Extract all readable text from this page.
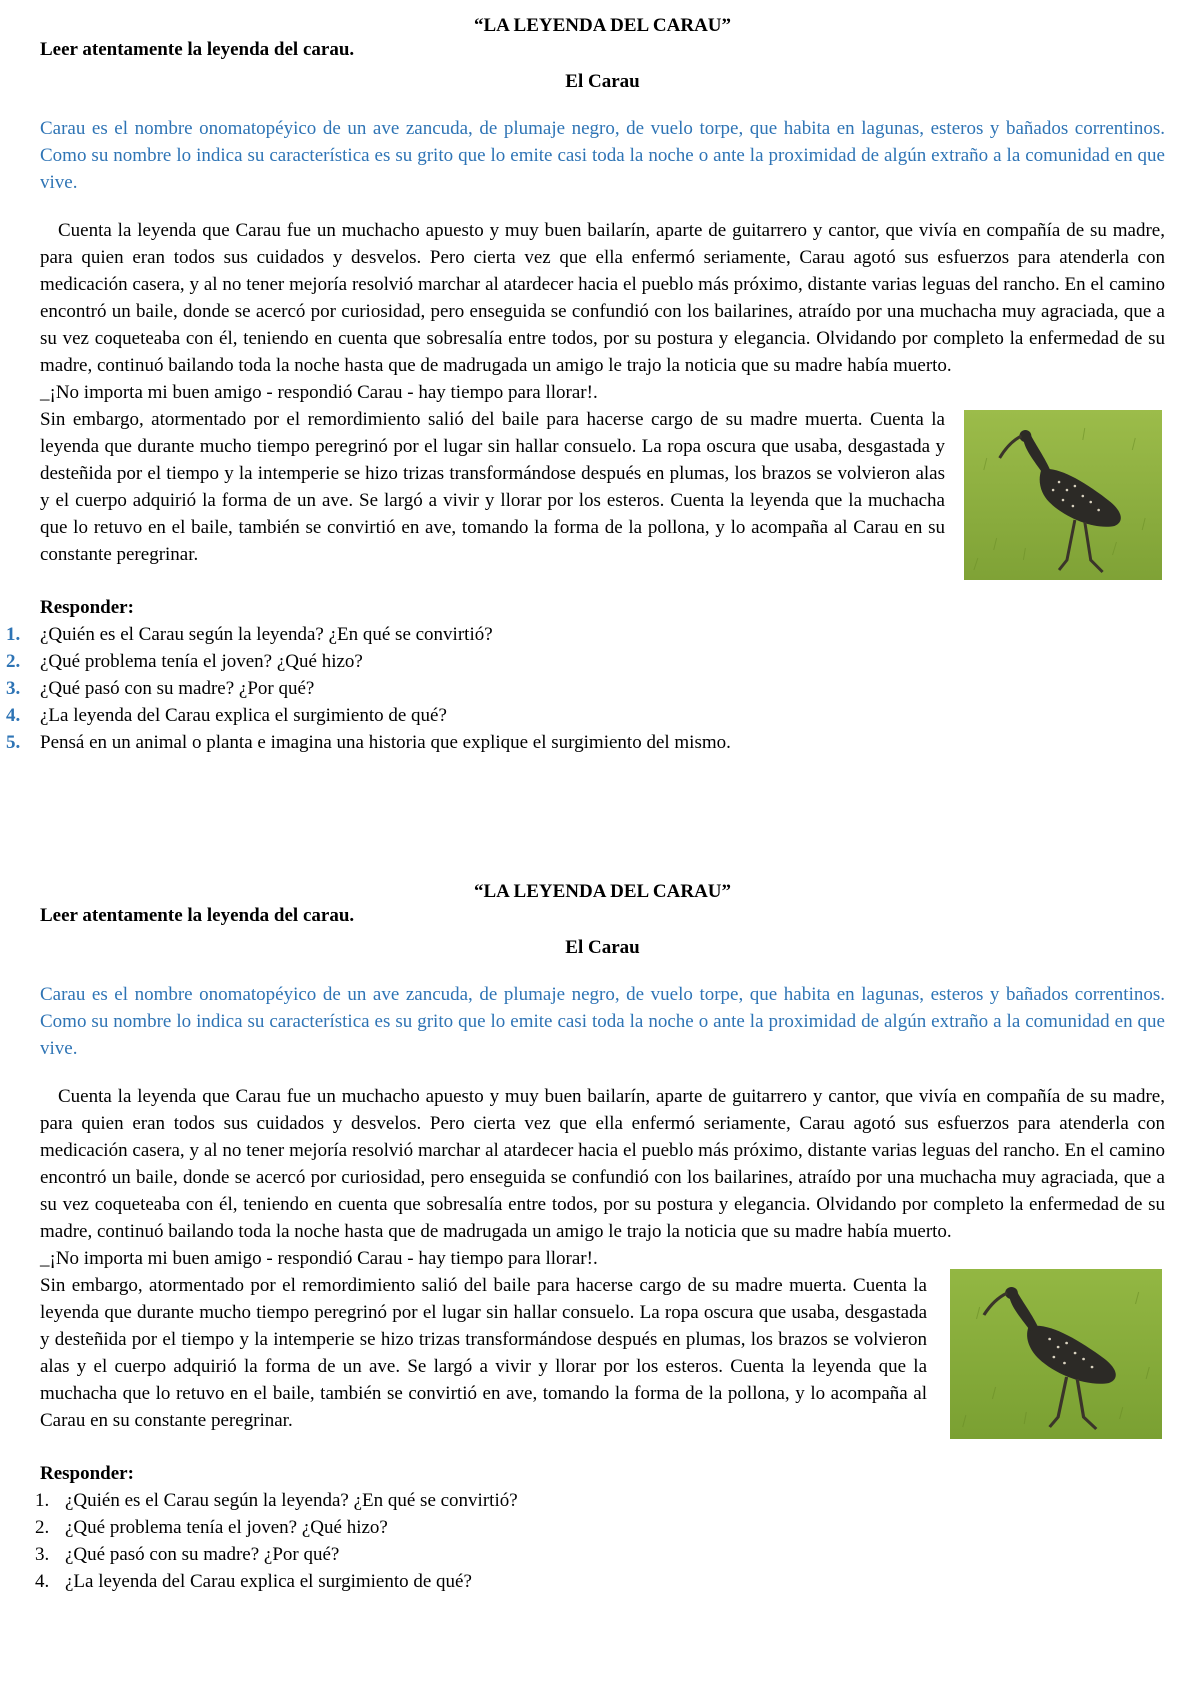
“LA LEYENDA DEL CARAU”

Leer atentamente la leyenda del carau.

El Carau

Carau es el nombre onomatopéyico de un ave zancuda, de plumaje negro, de vuelo torpe, que habita en lagunas, esteros y bañados correntinos. Como su nombre lo indica su característica es su grito que lo emite casi toda la noche o ante la proximidad de algún extraño a la comunidad en que vive.

Cuenta la leyenda que Carau fue un muchacho apuesto y muy buen bailarín, aparte de guitarrero y cantor, que vivía en compañía de su madre, para quien eran todos sus cuidados y desvelos. Pero cierta vez que ella enfermó seriamente, Carau agotó sus esfuerzos para atenderla con medicación casera, y al no tener mejoría resolvió marchar al atardecer hacia el pueblo más próximo, distante varias leguas del rancho. En el camino encontró un baile, donde se acercó por curiosidad, pero enseguida se confundió con los bailarines, atraído por una muchacha muy agraciada, que a su vez coqueteaba con él, teniendo en cuenta que sobresalía entre todos, por su postura y elegancia. Olvidando por completo la enfermedad de su madre, continuó bailando toda la noche hasta que de madrugada un amigo le trajo la noticia que su madre había muerto.

_¡No importa mi buen amigo - respondió Carau - hay tiempo para llorar!.

Sin embargo, atormentado por el remordimiento salió del baile para hacerse cargo de su madre muerta. Cuenta la leyenda que durante mucho tiempo peregrinó por el lugar sin hallar consuelo. La ropa oscura que usaba, desgastada y desteñida por el tiempo y la intemperie se hizo trizas transformándose después en plumas, los brazos se volvieron alas y el cuerpo adquirió la forma de un ave. Se largó a vivir y llorar por los esteros. Cuenta la leyenda que la muchacha que lo retuvo en el baile, también se convirtió en ave, tomando la forma de la pollona, y lo acompaña al Carau en su constante peregrinar.

Responder:

1.	¿Quién es el Carau según la leyenda? ¿En qué se convirtió?
2.	¿Qué problema tenía el joven? ¿Qué hizo?
3.	¿Qué pasó con su madre? ¿Por qué?
4.	¿La leyenda del Carau explica el surgimiento de qué?
5.	Pensá en un animal o planta e imagina una historia que explique el surgimiento del mismo.
“LA LEYENDA DEL CARAU”

Leer atentamente la leyenda del carau.

El Carau

Carau es el nombre onomatopéyico de un ave zancuda, de plumaje negro, de vuelo torpe, que habita en lagunas, esteros y bañados correntinos. Como su nombre lo indica su característica es su grito que lo emite casi toda la noche o ante la proximidad de algún extraño a la comunidad en que vive.

Cuenta la leyenda que Carau fue un muchacho apuesto y muy buen bailarín, aparte de guitarrero y cantor, que vivía en compañía de su madre, para quien eran todos sus cuidados y desvelos. Pero cierta vez que ella enfermó seriamente, Carau agotó sus esfuerzos para atenderla con medicación casera, y al no tener mejoría resolvió marchar al atardecer hacia el pueblo más próximo, distante varias leguas del rancho. En el camino encontró un baile, donde se acercó por curiosidad, pero enseguida se confundió con los bailarines, atraído por una muchacha muy agraciada, que a su vez coqueteaba con él, teniendo en cuenta que sobresalía entre todos, por su postura y elegancia. Olvidando por completo la enfermedad de su madre, continuó bailando toda la noche hasta que de madrugada un amigo le trajo la noticia que su madre había muerto.

_¡No importa mi buen amigo - respondió Carau - hay tiempo para llorar!.

Sin embargo, atormentado por el remordimiento salió del baile para hacerse cargo de su madre muerta. Cuenta la leyenda que durante mucho tiempo peregrinó por el lugar sin hallar consuelo. La ropa oscura que usaba, desgastada y desteñida por el tiempo y la intemperie se hizo trizas transformándose después en plumas, los brazos se volvieron alas y el cuerpo adquirió la forma de un ave. Se largó a vivir y llorar por los esteros. Cuenta la leyenda que la muchacha que lo retuvo en el baile, también se convirtió en ave, tomando la forma de la pollona, y lo acompaña al Carau en su constante peregrinar.

Responder:

1. ¿Quién es el Carau según la leyenda? ¿En qué se convirtió?
2. ¿Qué problema tenía el joven? ¿Qué hizo?
3. ¿Qué pasó con su madre? ¿Por qué?
4. ¿La leyenda del Carau explica el surgimiento de qué?
